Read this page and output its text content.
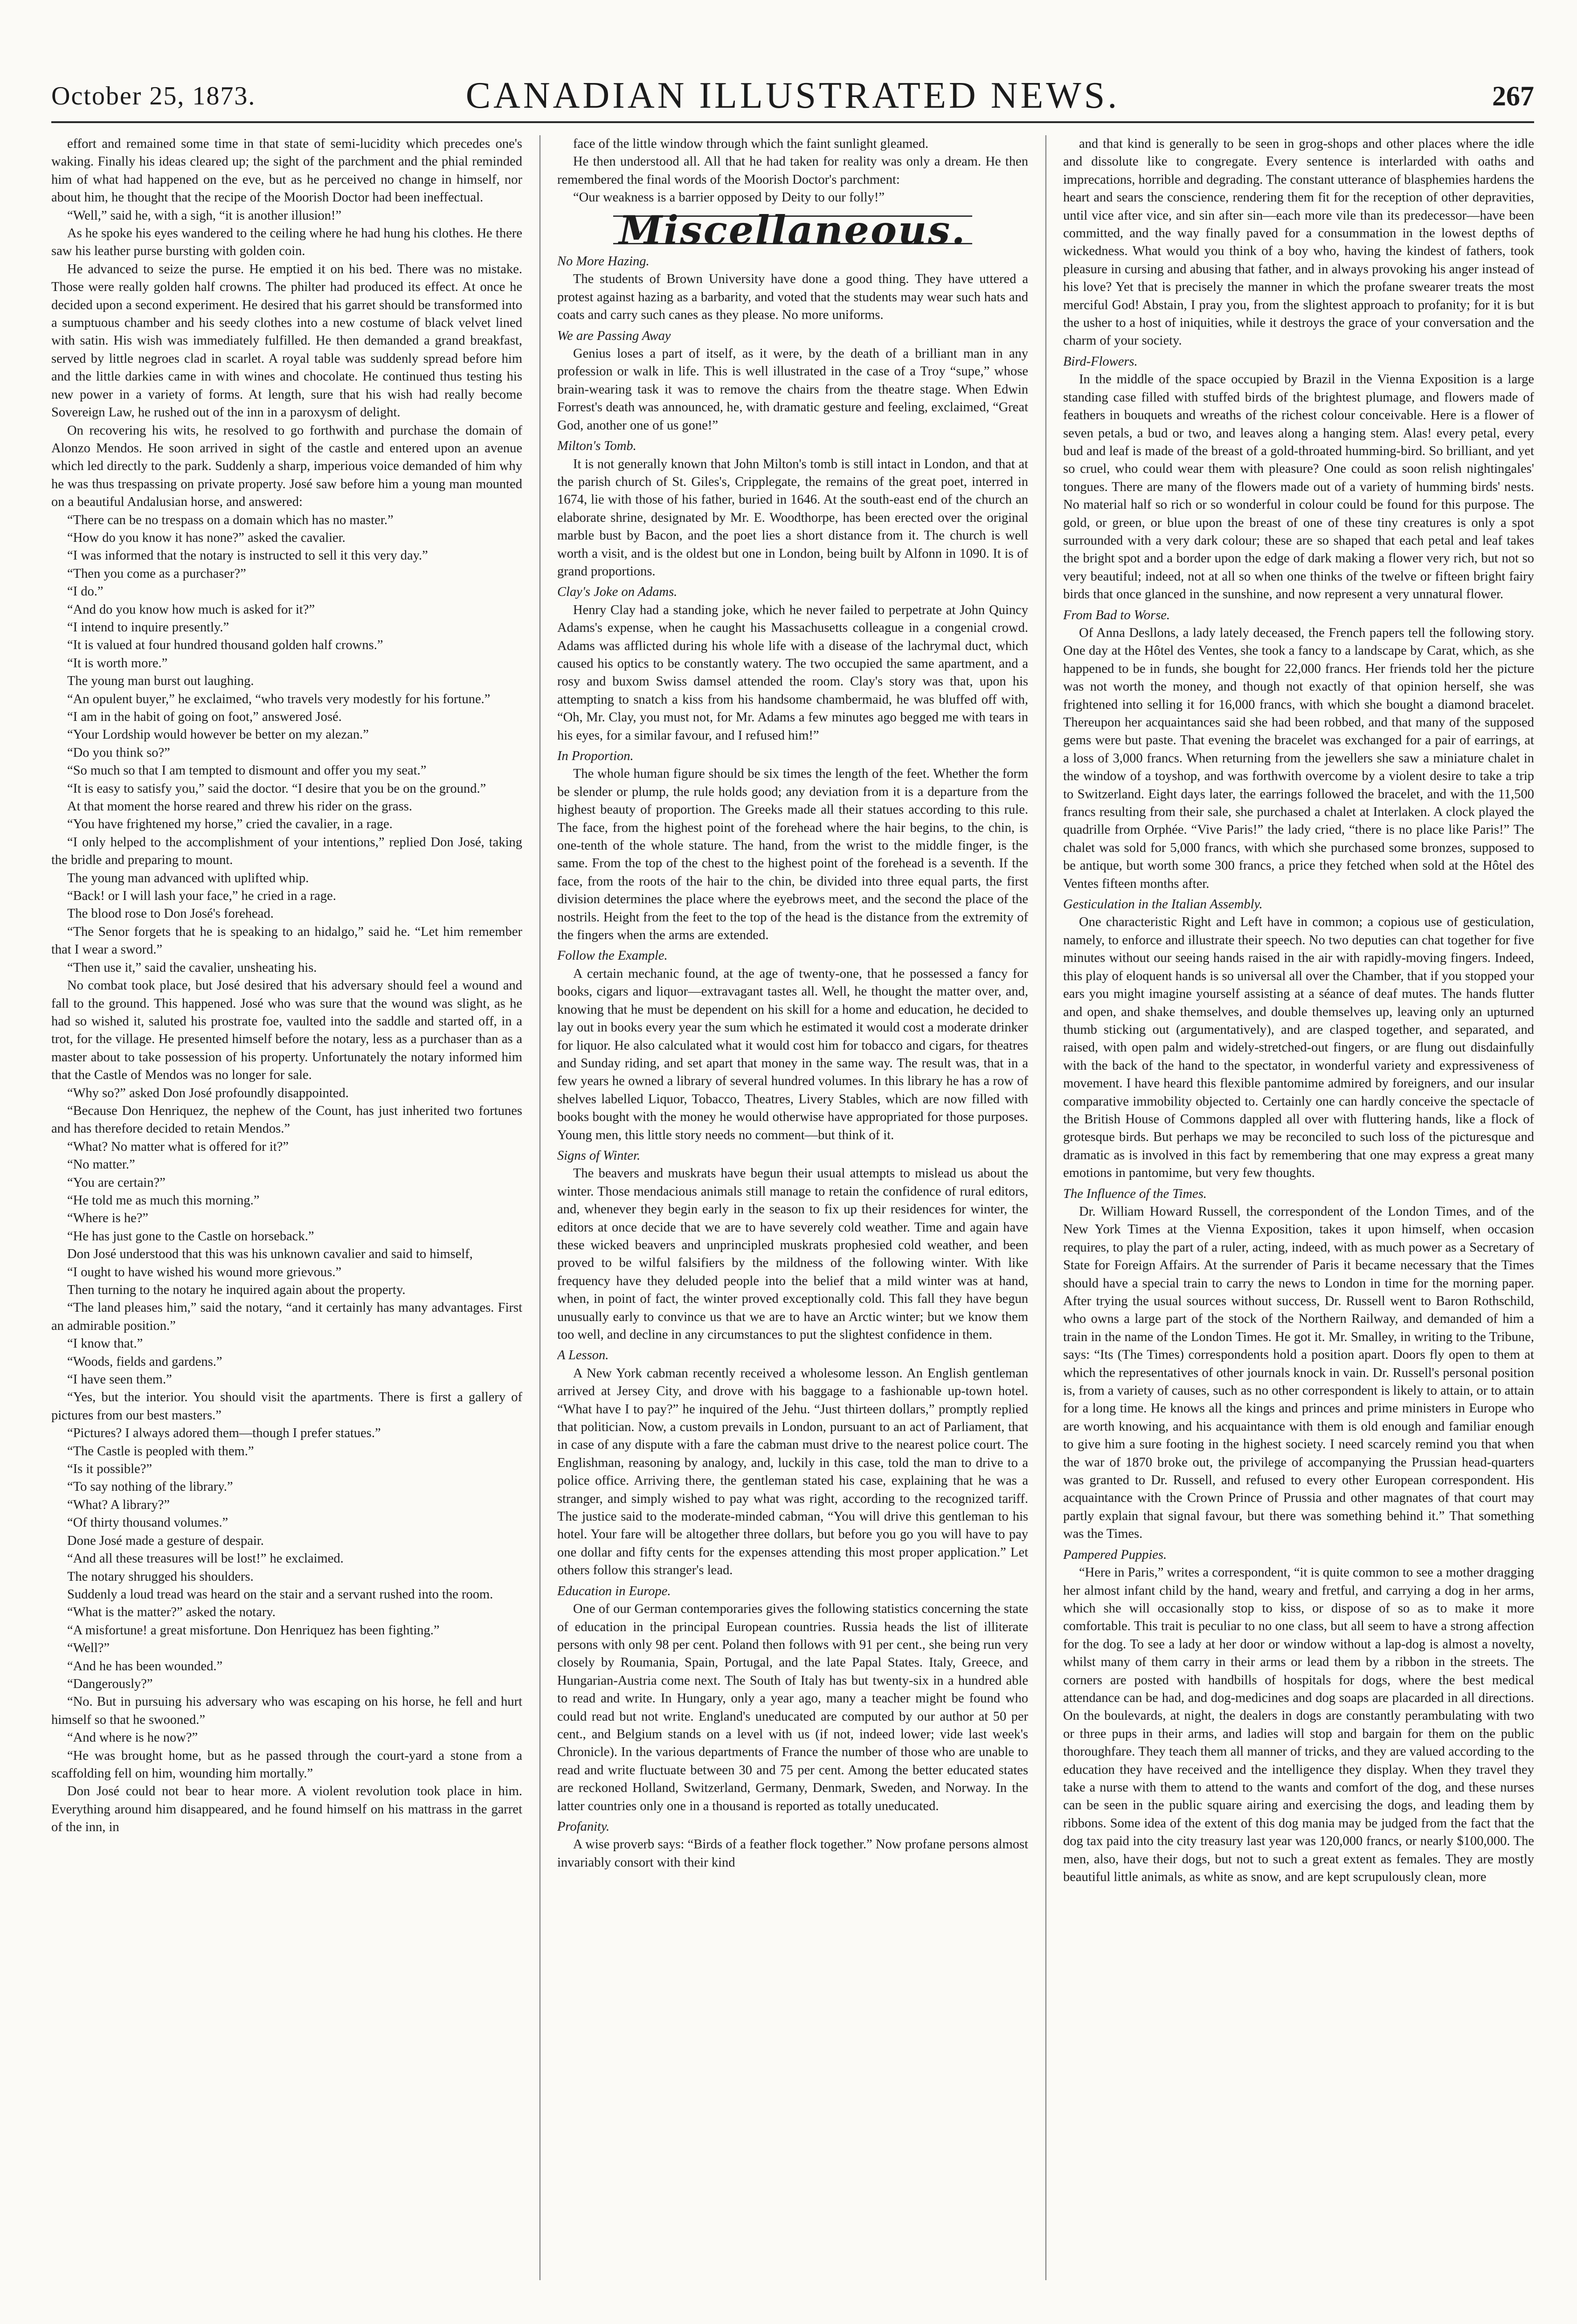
October 25, 1873.	CANADIAN ILLUSTRATED NEWS.	267

effort and remained some time in that state of semi-lucidity which precedes one's waking. Finally his ideas cleared up; the sight of the parchment and the phial reminded him of what had happened on the eve, but as he perceived no change in himself, nor about him, he thought that the recipe of the Moorish Doctor had been ineffectual.

“Well,” said he, with a sigh, “it is another illusion!”

As he spoke his eyes wandered to the ceiling where he had hung his clothes. He there saw his leather purse bursting with golden coin.

He advanced to seize the purse. He emptied it on his bed. There was no mistake. Those were really golden half crowns. The philter had produced its effect. At once he decided upon a second experiment. He desired that his garret should be transformed into a sumptuous chamber and his seedy clothes into a new costume of black velvet lined with satin. His wish was immediately fulfilled. He then demanded a grand breakfast, served by little negroes clad in scarlet. A royal table was suddenly spread before him and the little darkies came in with wines and chocolate. He continued thus testing his new power in a variety of forms. At length, sure that his wish had really become Sovereign Law, he rushed out of the inn in a paroxysm of delight.

On recovering his wits, he resolved to go forthwith and purchase the domain of Alonzo Mendos. He soon arrived in sight of the castle and entered upon an avenue which led directly to the park. Suddenly a sharp, imperious voice demanded of him why he was thus trespassing on private property. José saw before him a young man mounted on a beautiful Andalusian horse, and answered:

“There can be no trespass on a domain which has no master.”

“How do you know it has none?” asked the cavalier.

“I was informed that the notary is instructed to sell it this very day.”

“Then you come as a purchaser?”

“I do.”

“And do you know how much is asked for it?”

“I intend to inquire presently.”

“It is valued at four hundred thousand golden half crowns.”

“It is worth more.”

The young man burst out laughing.

“An opulent buyer,” he exclaimed, “who travels very modestly for his fortune.”

“I am in the habit of going on foot,” answered José.

“Your Lordship would however be better on my alezan.”

“Do you think so?”

“So much so that I am tempted to dismount and offer you my seat.”

“It is easy to satisfy you,” said the doctor. “I desire that you be on the ground.”

At that moment the horse reared and threw his rider on the grass.

“You have frightened my horse,” cried the cavalier, in a rage.

“I only helped to the accomplishment of your intentions,” replied Don José, taking the bridle and preparing to mount.

The young man advanced with uplifted whip.

“Back! or I will lash your face,” he cried in a rage.

The blood rose to Don José's forehead.

“The Senor forgets that he is speaking to an hidalgo,” said he. “Let him remember that I wear a sword.”

“Then use it,” said the cavalier, unsheating his.

No combat took place, but José desired that his adversary should feel a wound and fall to the ground. This happened. José who was sure that the wound was slight, as he had so wished it, saluted his prostrate foe, vaulted into the saddle and started off, in a trot, for the village. He presented himself before the notary, less as a purchaser than as a master about to take possession of his property. Unfortunately the notary informed him that the Castle of Mendos was no longer for sale.

“Why so?” asked Don José profoundly disappointed.

“Because Don Henriquez, the nephew of the Count, has just inherited two fortunes and has therefore decided to retain Mendos.”

“What? No matter what is offered for it?”

“No matter.”

“You are certain?”

“He told me as much this morning.”

“Where is he?”

“He has just gone to the Castle on horseback.”

Don José understood that this was his unknown cavalier and said to himself,

“I ought to have wished his wound more grievous.”

Then turning to the notary he inquired again about the property.

“The land pleases him,” said the notary, “and it certainly has many advantages. First an admirable position.”

“I know that.”

“Woods, fields and gardens.”

“I have seen them.”

“Yes, but the interior. You should visit the apartments. There is first a gallery of pictures from our best masters.”

“Pictures? I always adored them—though I prefer statues.”

“The Castle is peopled with them.”

“Is it possible?”

“To say nothing of the library.”

“What? A library?”

“Of thirty thousand volumes.”

Done José made a gesture of despair.

“And all these treasures will be lost!” he exclaimed.

The notary shrugged his shoulders.

Suddenly a loud tread was heard on the stair and a servant rushed into the room.

“What is the matter?” asked the notary.

“A misfortune! a great misfortune. Don Henriquez has been fighting.”

“Well?”

“And he has been wounded.”

“Dangerously?”

“No. But in pursuing his adversary who was escaping on his horse, he fell and hurt himself so that he swooned.”

“And where is he now?”

“He was brought home, but as he passed through the court-yard a stone from a scaffolding fell on him, wounding him mortally.”

Don José could not bear to hear more. A violent revolution took place in him. Everything around him disappeared, and he found himself on his mattrass in the garret of the inn, in

face of the little window through which the faint sunlight gleamed.

He then understood all. All that he had taken for reality was only a dream. He then remembered the final words of the Moorish Doctor's parchment:

“Our weakness is a barrier opposed by Deity to our folly!”

Miscellaneous.
No More Hazing.

The students of Brown University have done a good thing. They have uttered a protest against hazing as a barbarity, and voted that the students may wear such hats and coats and carry such canes as they please. No more uniforms.

We are Passing Away

Genius loses a part of itself, as it were, by the death of a brilliant man in any profession or walk in life. This is well illustrated in the case of a Troy “supe,” whose brain-wearing task it was to remove the chairs from the theatre stage. When Edwin Forrest's death was announced, he, with dramatic gesture and feeling, exclaimed, “Great God, another one of us gone!”

Milton's Tomb.

It is not generally known that John Milton's tomb is still intact in London, and that at the parish church of St. Giles's, Cripplegate, the remains of the great poet, interred in 1674, lie with those of his father, buried in 1646. At the south-east end of the church an elaborate shrine, designated by Mr. E. Woodthorpe, has been erected over the original marble bust by Bacon, and the poet lies a short distance from it. The church is well worth a visit, and is the oldest but one in London, being built by Alfonn in 1090. It is of grand proportions.

Clay's Joke on Adams.

Henry Clay had a standing joke, which he never failed to perpetrate at John Quincy Adams's expense, when he caught his Massachusetts colleague in a congenial crowd. Adams was afflicted during his whole life with a disease of the lachrymal duct, which caused his optics to be constantly watery. The two occupied the same apartment, and a rosy and buxom Swiss damsel attended the room. Clay's story was that, upon his attempting to snatch a kiss from his handsome chambermaid, he was bluffed off with, “Oh, Mr. Clay, you must not, for Mr. Adams a few minutes ago begged me with tears in his eyes, for a similar favour, and I refused him!”

In Proportion.

The whole human figure should be six times the length of the feet. Whether the form be slender or plump, the rule holds good; any deviation from it is a departure from the highest beauty of proportion. The Greeks made all their statues according to this rule. The face, from the highest point of the forehead where the hair begins, to the chin, is one-tenth of the whole stature. The hand, from the wrist to the middle finger, is the same. From the top of the chest to the highest point of the forehead is a seventh. If the face, from the roots of the hair to the chin, be divided into three equal parts, the first division determines the place where the eyebrows meet, and the second the place of the nostrils. Height from the feet to the top of the head is the distance from the extremity of the fingers when the arms are extended.

Follow the Example.

A certain mechanic found, at the age of twenty-one, that he possessed a fancy for books, cigars and liquor—extravagant tastes all. Well, he thought the matter over, and, knowing that he must be dependent on his skill for a home and education, he decided to lay out in books every year the sum which he estimated it would cost a moderate drinker for liquor. He also calculated what it would cost him for tobacco and cigars, for theatres and Sunday riding, and set apart that money in the same way. The result was, that in a few years he owned a library of several hundred volumes. In this library he has a row of shelves labelled Liquor, Tobacco, Theatres, Livery Stables, which are now filled with books bought with the money he would otherwise have appropriated for those purposes. Young men, this little story needs no comment—but think of it.

Signs of Winter.

The beavers and muskrats have begun their usual attempts to mislead us about the winter. Those mendacious animals still manage to retain the confidence of rural editors, and, whenever they begin early in the season to fix up their residences for winter, the editors at once decide that we are to have severely cold weather. Time and again have these wicked beavers and unprincipled muskrats prophesied cold weather, and been proved to be wilful falsifiers by the mildness of the following winter. With like frequency have they deluded people into the belief that a mild winter was at hand, when, in point of fact, the winter proved exceptionally cold. This fall they have begun unusually early to convince us that we are to have an Arctic winter; but we know them too well, and decline in any circumstances to put the slightest confidence in them.

A Lesson.

A New York cabman recently received a wholesome lesson. An English gentleman arrived at Jersey City, and drove with his baggage to a fashionable up-town hotel. “What have I to pay?” he inquired of the Jehu. “Just thirteen dollars,” promptly replied that politician. Now, a custom prevails in London, pursuant to an act of Parliament, that in case of any dispute with a fare the cabman must drive to the nearest police court. The Englishman, reasoning by analogy, and, luckily in this case, told the man to drive to a police office. Arriving there, the gentleman stated his case, explaining that he was a stranger, and simply wished to pay what was right, according to the recognized tariff. The justice said to the moderate-minded cabman, “You will drive this gentleman to his hotel. Your fare will be altogether three dollars, but before you go you will have to pay one dollar and fifty cents for the expenses attending this most proper application.” Let others follow this stranger's lead.

Education in Europe.

One of our German contemporaries gives the following statistics concerning the state of education in the principal European countries. Russia heads the list of illiterate persons with only 98 per cent. Poland then follows with 91 per cent., she being run very closely by Roumania, Spain, Portugal, and the late Papal States. Italy, Greece, and Hungarian-Austria come next. The South of Italy has but twenty-six in a hundred able to read and write. In Hungary, only a year ago, many a teacher might be found who could read but not write. England's uneducated are computed by our author at 50 per cent., and Belgium stands on a level with us (if not, indeed lower; vide last week's Chronicle). In the various departments of France the number of those who are unable to read and write fluctuate between 30 and 75 per cent. Among the better educated states are reckoned Holland, Switzerland, Germany, Denmark, Sweden, and Norway. In the latter countries only one in a thousand is reported as totally uneducated.

Profanity.

A wise proverb says: “Birds of a feather flock together.” Now profane persons almost invariably consort with their kind

and that kind is generally to be seen in grog-shops and other places where the idle and dissolute like to congregate. Every sentence is interlarded with oaths and imprecations, horrible and degrading. The constant utterance of blasphemies hardens the heart and sears the conscience, rendering them fit for the reception of other depravities, until vice after vice, and sin after sin—each more vile than its predecessor—have been committed, and the way finally paved for a consummation in the lowest depths of wickedness. What would you think of a boy who, having the kindest of fathers, took pleasure in cursing and abusing that father, and in always provoking his anger instead of his love? Yet that is precisely the manner in which the profane swearer treats the most merciful God! Abstain, I pray you, from the slightest approach to profanity; for it is but the usher to a host of iniquities, while it destroys the grace of your conversation and the charm of your society.

Bird-Flowers.

In the middle of the space occupied by Brazil in the Vienna Exposition is a large standing case filled with stuffed birds of the brightest plumage, and flowers made of feathers in bouquets and wreaths of the richest colour conceivable. Here is a flower of seven petals, a bud or two, and leaves along a hanging stem. Alas! every petal, every bud and leaf is made of the breast of a gold-throated humming-bird. So brilliant, and yet so cruel, who could wear them with pleasure? One could as soon relish nightingales' tongues. There are many of the flowers made out of a variety of humming birds' nests. No material half so rich or so wonderful in colour could be found for this purpose. The gold, or green, or blue upon the breast of one of these tiny creatures is only a spot surrounded with a very dark colour; these are so shaped that each petal and leaf takes the bright spot and a border upon the edge of dark making a flower very rich, but not so very beautiful; indeed, not at all so when one thinks of the twelve or fifteen bright fairy birds that once glanced in the sunshine, and now represent a very unnatural flower.

From Bad to Worse.

Of Anna Desllons, a lady lately deceased, the French papers tell the following story. One day at the Hôtel des Ventes, she took a fancy to a landscape by Carat, which, as she happened to be in funds, she bought for 22,000 francs. Her friends told her the picture was not worth the money, and though not exactly of that opinion herself, she was frightened into selling it for 16,000 francs, with which she bought a diamond bracelet. Thereupon her acquaintances said she had been robbed, and that many of the supposed gems were but paste. That evening the bracelet was exchanged for a pair of earrings, at a loss of 3,000 francs. When returning from the jewellers she saw a miniature chalet in the window of a toyshop, and was forthwith overcome by a violent desire to take a trip to Switzerland. Eight days later, the earrings followed the bracelet, and with the 11,500 francs resulting from their sale, she purchased a chalet at Interlaken. A clock played the quadrille from Orphée. “Vive Paris!” the lady cried, “there is no place like Paris!” The chalet was sold for 5,000 francs, with which she purchased some bronzes, supposed to be antique, but worth some 300 francs, a price they fetched when sold at the Hôtel des Ventes fifteen months after.

Gesticulation in the Italian Assembly.

One characteristic Right and Left have in common; a copious use of gesticulation, namely, to enforce and illustrate their speech. No two deputies can chat together for five minutes without our seeing hands raised in the air with rapidly-moving fingers. Indeed, this play of eloquent hands is so universal all over the Chamber, that if you stopped your ears you might imagine yourself assisting at a séance of deaf mutes. The hands flutter and open, and shake themselves, and double themselves up, leaving only an upturned thumb sticking out (argumentatively), and are clasped together, and separated, and raised, with open palm and widely-stretched-out fingers, or are flung out disdainfully with the back of the hand to the spectator, in wonderful variety and expressiveness of movement. I have heard this flexible pantomime admired by foreigners, and our insular comparative immobility objected to. Certainly one can hardly conceive the spectacle of the British House of Commons dappled all over with fluttering hands, like a flock of grotesque birds. But perhaps we may be reconciled to such loss of the picturesque and dramatic as is involved in this fact by remembering that one may express a great many emotions in pantomime, but very few thoughts.

The Influence of the Times.

Dr. William Howard Russell, the correspondent of the London Times, and of the New York Times at the Vienna Exposition, takes it upon himself, when occasion requires, to play the part of a ruler, acting, indeed, with as much power as a Secretary of State for Foreign Affairs. At the surrender of Paris it became necessary that the Times should have a special train to carry the news to London in time for the morning paper. After trying the usual sources without success, Dr. Russell went to Baron Rothschild, who owns a large part of the stock of the Northern Railway, and demanded of him a train in the name of the London Times. He got it. Mr. Smalley, in writing to the Tribune, says: “Its (The Times) correspondents hold a position apart. Doors fly open to them at which the representatives of other journals knock in vain. Dr. Russell's personal position is, from a variety of causes, such as no other correspondent is likely to attain, or to attain for a long time. He knows all the kings and princes and prime ministers in Europe who are worth knowing, and his acquaintance with them is old enough and familiar enough to give him a sure footing in the highest society. I need scarcely remind you that when the war of 1870 broke out, the privilege of accompanying the Prussian head-quarters was granted to Dr. Russell, and refused to every other European correspondent. His acquaintance with the Crown Prince of Prussia and other magnates of that court may partly explain that signal favour, but there was something behind it.” That something was the Times.

Pampered Puppies.

“Here in Paris,” writes a correspondent, “it is quite common to see a mother dragging her almost infant child by the hand, weary and fretful, and carrying a dog in her arms, which she will occasionally stop to kiss, or dispose of so as to make it more comfortable. This trait is peculiar to no one class, but all seem to have a strong affection for the dog. To see a lady at her door or window without a lap-dog is almost a novelty, whilst many of them carry in their arms or lead them by a ribbon in the streets. The corners are posted with handbills of hospitals for dogs, where the best medical attendance can be had, and dog-medicines and dog soaps are placarded in all directions. On the boulevards, at night, the dealers in dogs are constantly perambulating with two or three pups in their arms, and ladies will stop and bargain for them on the public thoroughfare. They teach them all manner of tricks, and they are valued according to the education they have received and the intelligence they display. When they travel they take a nurse with them to attend to the wants and comfort of the dog, and these nurses can be seen in the public square airing and exercising the dogs, and leading them by ribbons. Some idea of the extent of this dog mania may be judged from the fact that the dog tax paid into the city treasury last year was 120,000 francs, or nearly $100,000. The men, also, have their dogs, but not to such a great extent as females. They are mostly beautiful little animals, as white as snow, and are kept scrupulously clean, more
